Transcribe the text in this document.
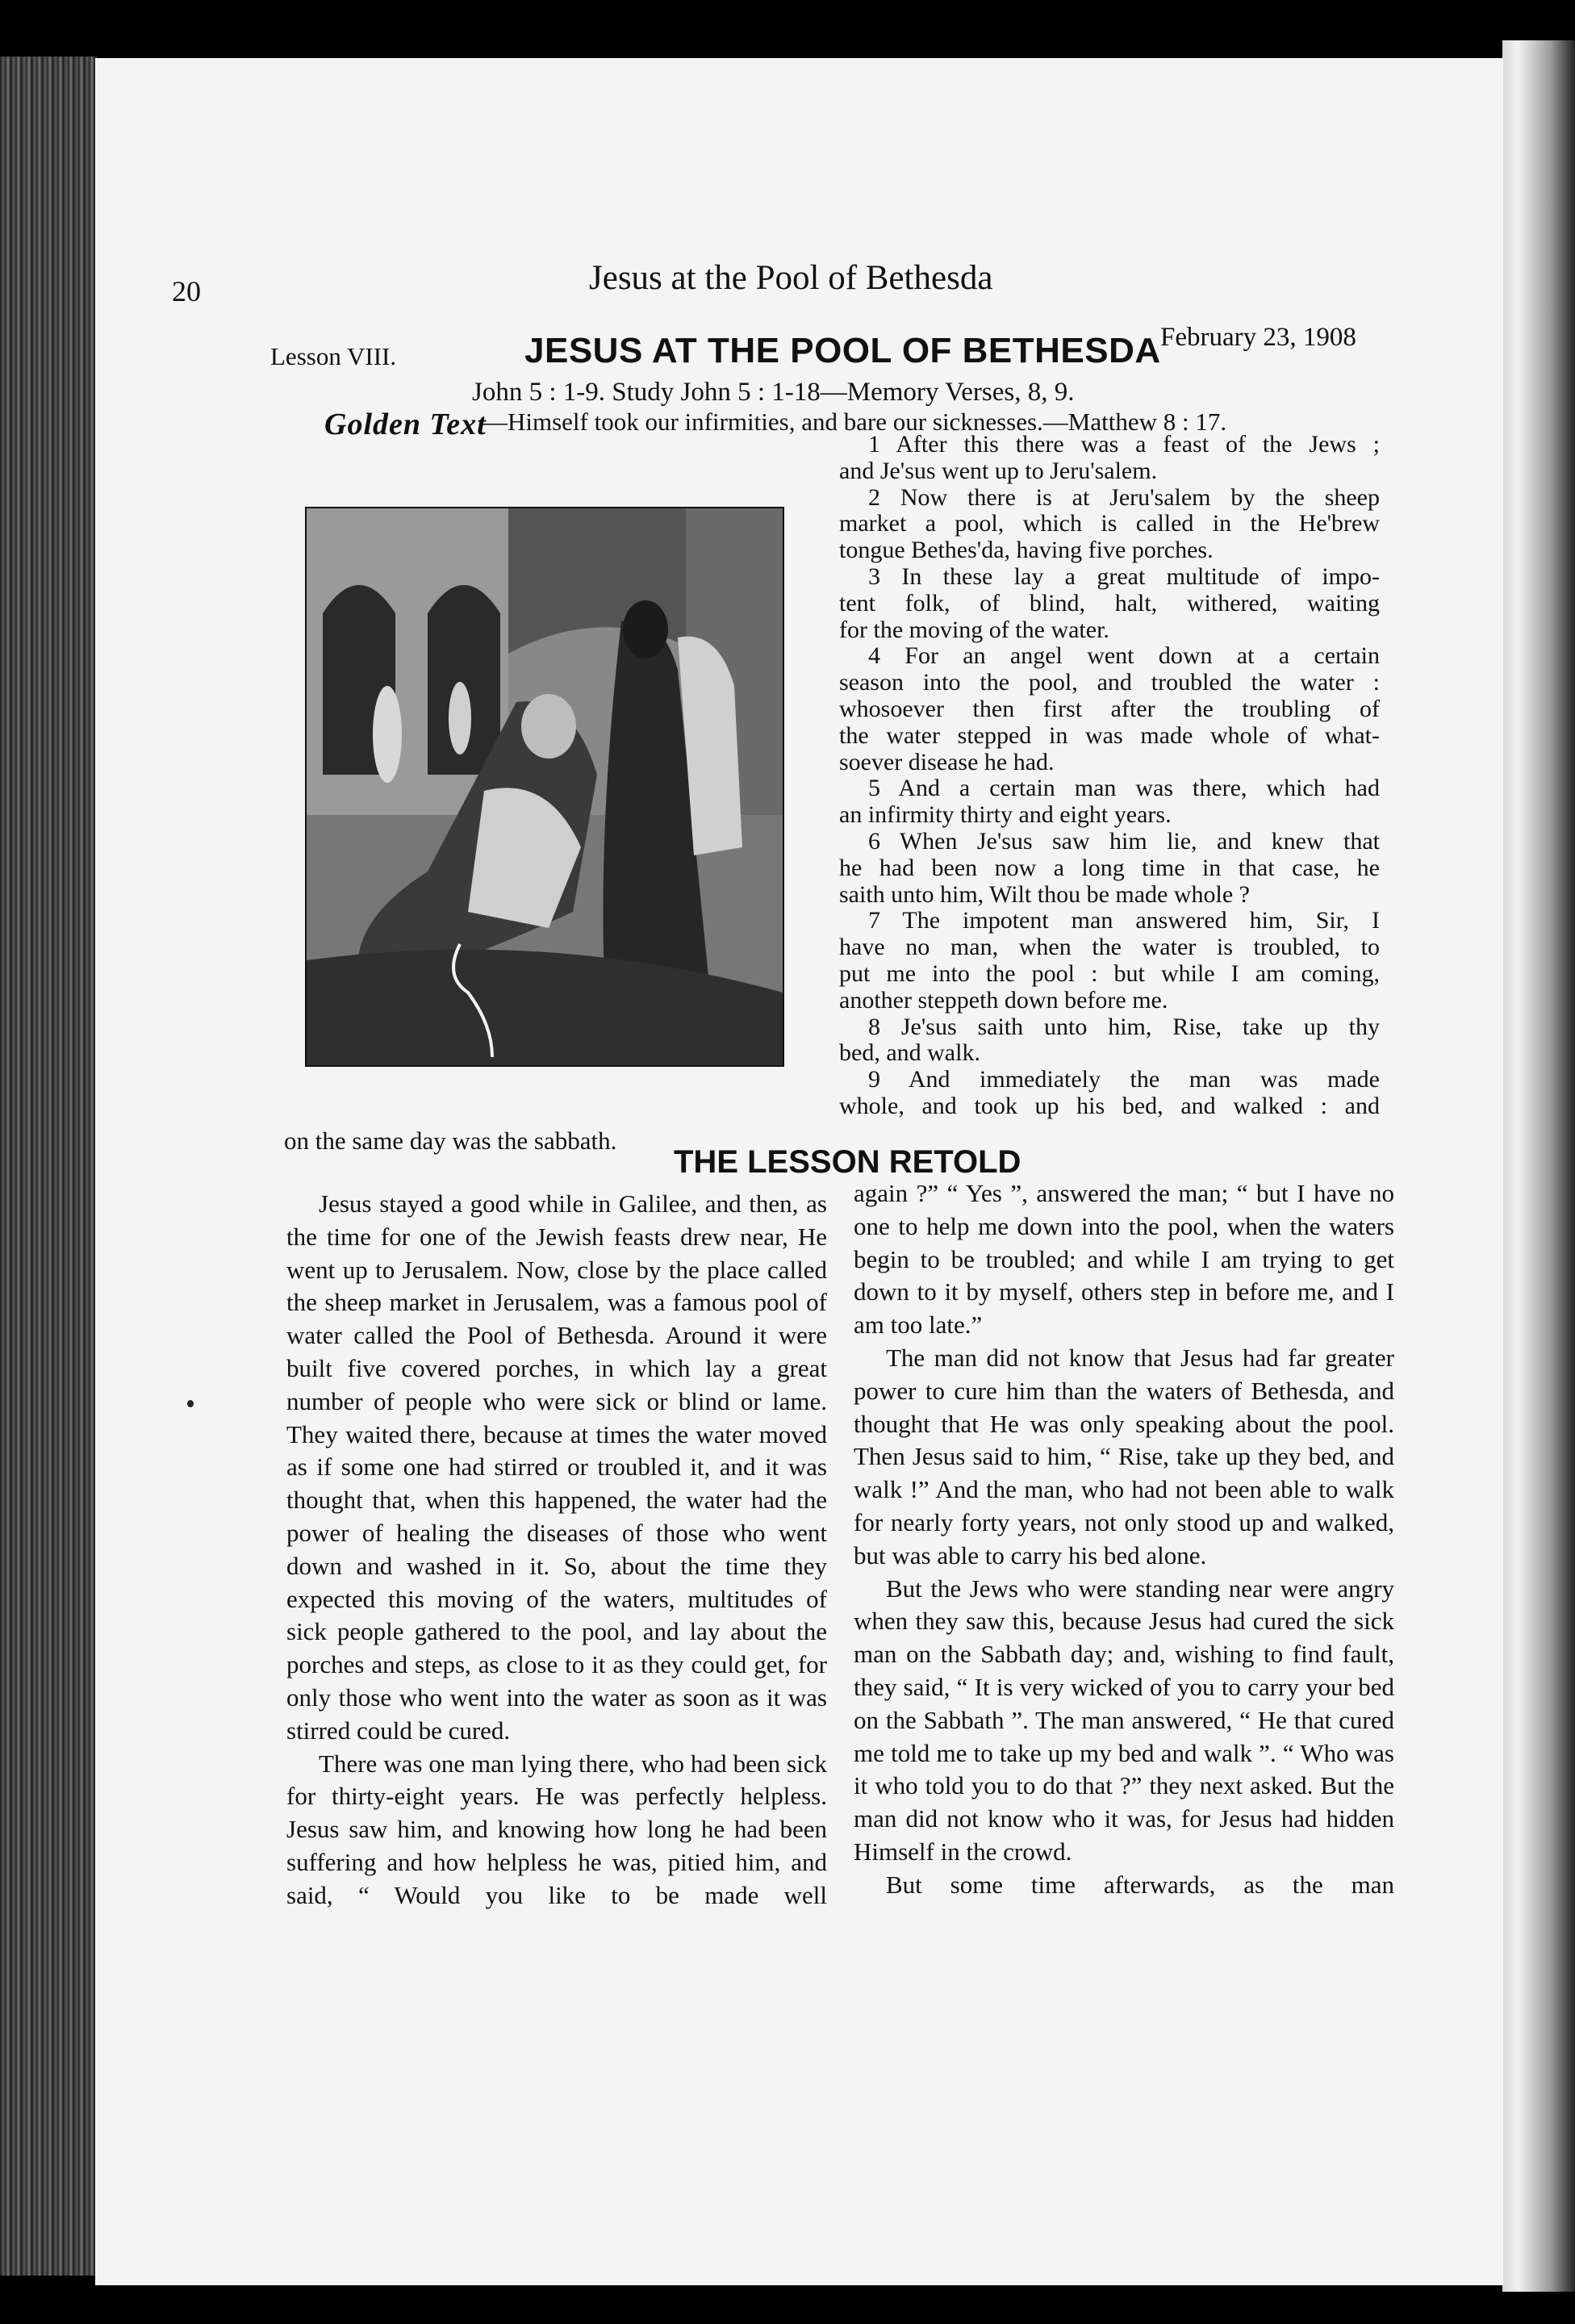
20	Jesus at the Pool of Bethesda
Lesson VIII.	JESUS AT THE POOL OF BETHESDA February 23, 1908
John 5 : 1-9. Study John 5 : 1-18—Memory Verses, 8, 9.
Golden Text
—Himself took our infirmities, and bare our sicknesses.—Matthew 8 : 17.

1 After this there was a feast of the Jews ;

and Je'sus went up to Jeru'salem.

2 Now there is at Jeru'salem by the sheep

market a pool, which is called in the He'brew

tongue Bethes'da, having five porches.

3 In these lay a great multitude of impo-

tent folk, of blind, halt, withered, waiting

for the moving of the water.

4 For an angel went down at a certain

season into the pool, and troubled the water :

whosoever then first after the troubling of

the water stepped in was made whole of what-

soever disease he had.

5 And a certain man was there, which had

an infirmity thirty and eight years.

6 When Je'sus saw him lie, and knew that

he had been now a long time in that case, he

saith unto him, Wilt thou be made whole ?

7 The impotent man answered him, Sir, I

have no man, when the water is troubled, to

put me into the pool : but while I am coming,

another steppeth down before me.

8 Je'sus saith unto him, Rise, take up thy

bed, and walk.

9 And immediately the man was made

whole, and took up his bed, and walked : and

on the same day was the sabbath.
THE LESSON RETOLD

Jesus stayed a good while in Galilee, and then, as the time for one of the Jewish feasts drew near, He went up to Jerusalem. Now, close by the place called the sheep market in Jerusalem, was a famous pool of water called the Pool of Bethesda. Around it were built five covered porches, in which lay a great number of people who were sick or blind or lame. They waited there, because at times the water moved as if some one had stirred or troubled it, and it was thought that, when this happened, the water had the power of healing the diseases of those who went down and washed in it. So, about the time they expected this moving of the waters, multitudes of sick people gathered to the pool, and lay about the porches and steps, as close to it as they could get, for only those who went into the water as soon as it was stirred could be cured.

There was one man lying there, who had been sick for thirty-eight years. He was perfectly helpless. Jesus saw him, and knowing how long he had been suffering and how helpless he was, pitied him, and said, “ Would you like to be made well

again ?” “ Yes ”, answered the man; “ but I have no one to help me down into the pool, when the waters begin to be troubled; and while I am trying to get down to it by myself, others step in before me, and I am too late.”

The man did not know that Jesus had far greater power to cure him than the waters of Bethesda, and thought that He was only speaking about the pool. Then Jesus said to him, “ Rise, take up they bed, and walk !” And the man, who had not been able to walk for nearly forty years, not only stood up and walked, but was able to carry his bed alone.

But the Jews who were standing near were angry when they saw this, because Jesus had cured the sick man on the Sabbath day; and, wishing to find fault, they said, “ It is very wicked of you to carry your bed on the Sabbath ”. The man answered, “ He that cured me told me to take up my bed and walk ”. “ Who was it who told you to do that ?” they next asked. But the man did not know who it was, for Jesus had hidden Himself in the crowd.

But some time afterwards, as the man
